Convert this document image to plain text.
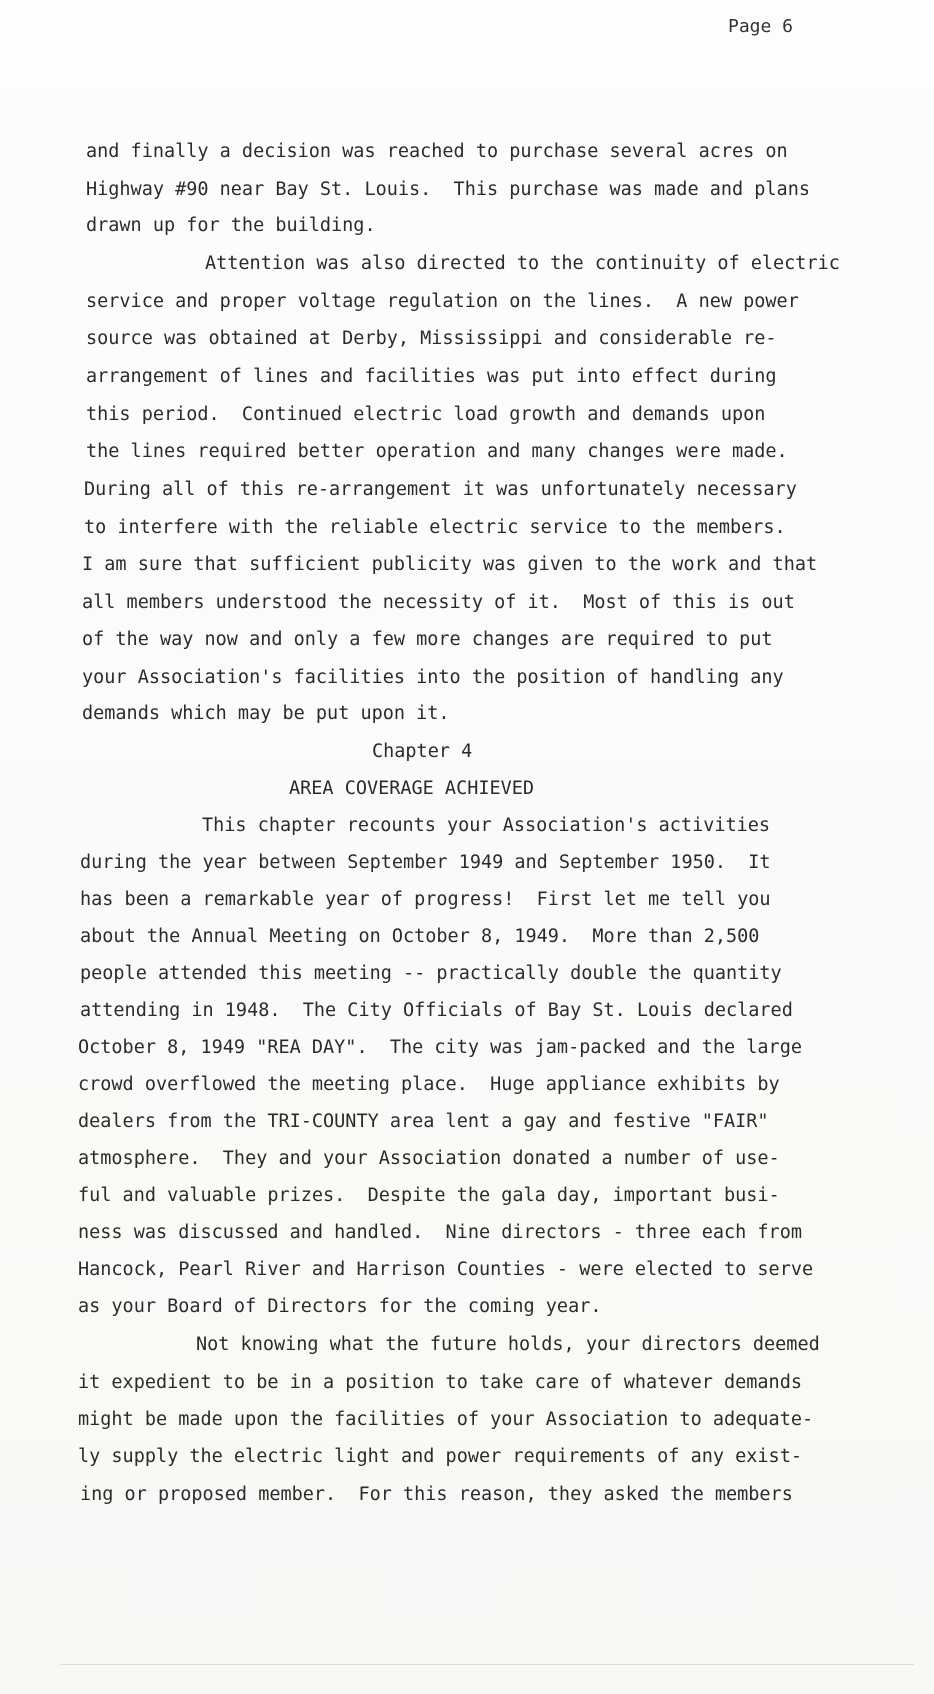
Page 6
and finally a decision was reached to purchase several acres on
Highway #90 near Bay St. Louis.  This purchase was made and plans
drawn up for the building.
Attention was also directed to the continuity of electric
service and proper voltage regulation on the lines.  A new power
source was obtained at Derby, Mississippi and considerable re-
arrangement of lines and facilities was put into effect during
this period.  Continued electric load growth and demands upon
the lines required better operation and many changes were made.
During all of this re-arrangement it was unfortunately necessary
to interfere with the reliable electric service to the members.
I am sure that sufficient publicity was given to the work and that
all members understood the necessity of it.  Most of this is out
of the way now and only a few more changes are required to put
your Association's facilities into the position of handling any
demands which may be put upon it.
Chapter 4
AREA COVERAGE ACHIEVED
This chapter recounts your Association's activities
during the year between September 1949 and September 1950.  It
has been a remarkable year of progress!  First let me tell you
about the Annual Meeting on October 8, 1949.  More than 2,500
people attended this meeting -- practically double the quantity
attending in 1948.  The City Officials of Bay St. Louis declared
October 8, 1949 "REA DAY".  The city was jam-packed and the large
crowd overflowed the meeting place.  Huge appliance exhibits by
dealers from the TRI-COUNTY area lent a gay and festive "FAIR"
atmosphere.  They and your Association donated a number of use-
ful and valuable prizes.  Despite the gala day, important busi-
ness was discussed and handled.  Nine directors - three each from
Hancock, Pearl River and Harrison Counties - were elected to serve
as your Board of Directors for the coming year.
Not knowing what the future holds, your directors deemed
it expedient to be in a position to take care of whatever demands
might be made upon the facilities of your Association to adequate-
ly supply the electric light and power requirements of any exist-
ing or proposed member.  For this reason, they asked the members
